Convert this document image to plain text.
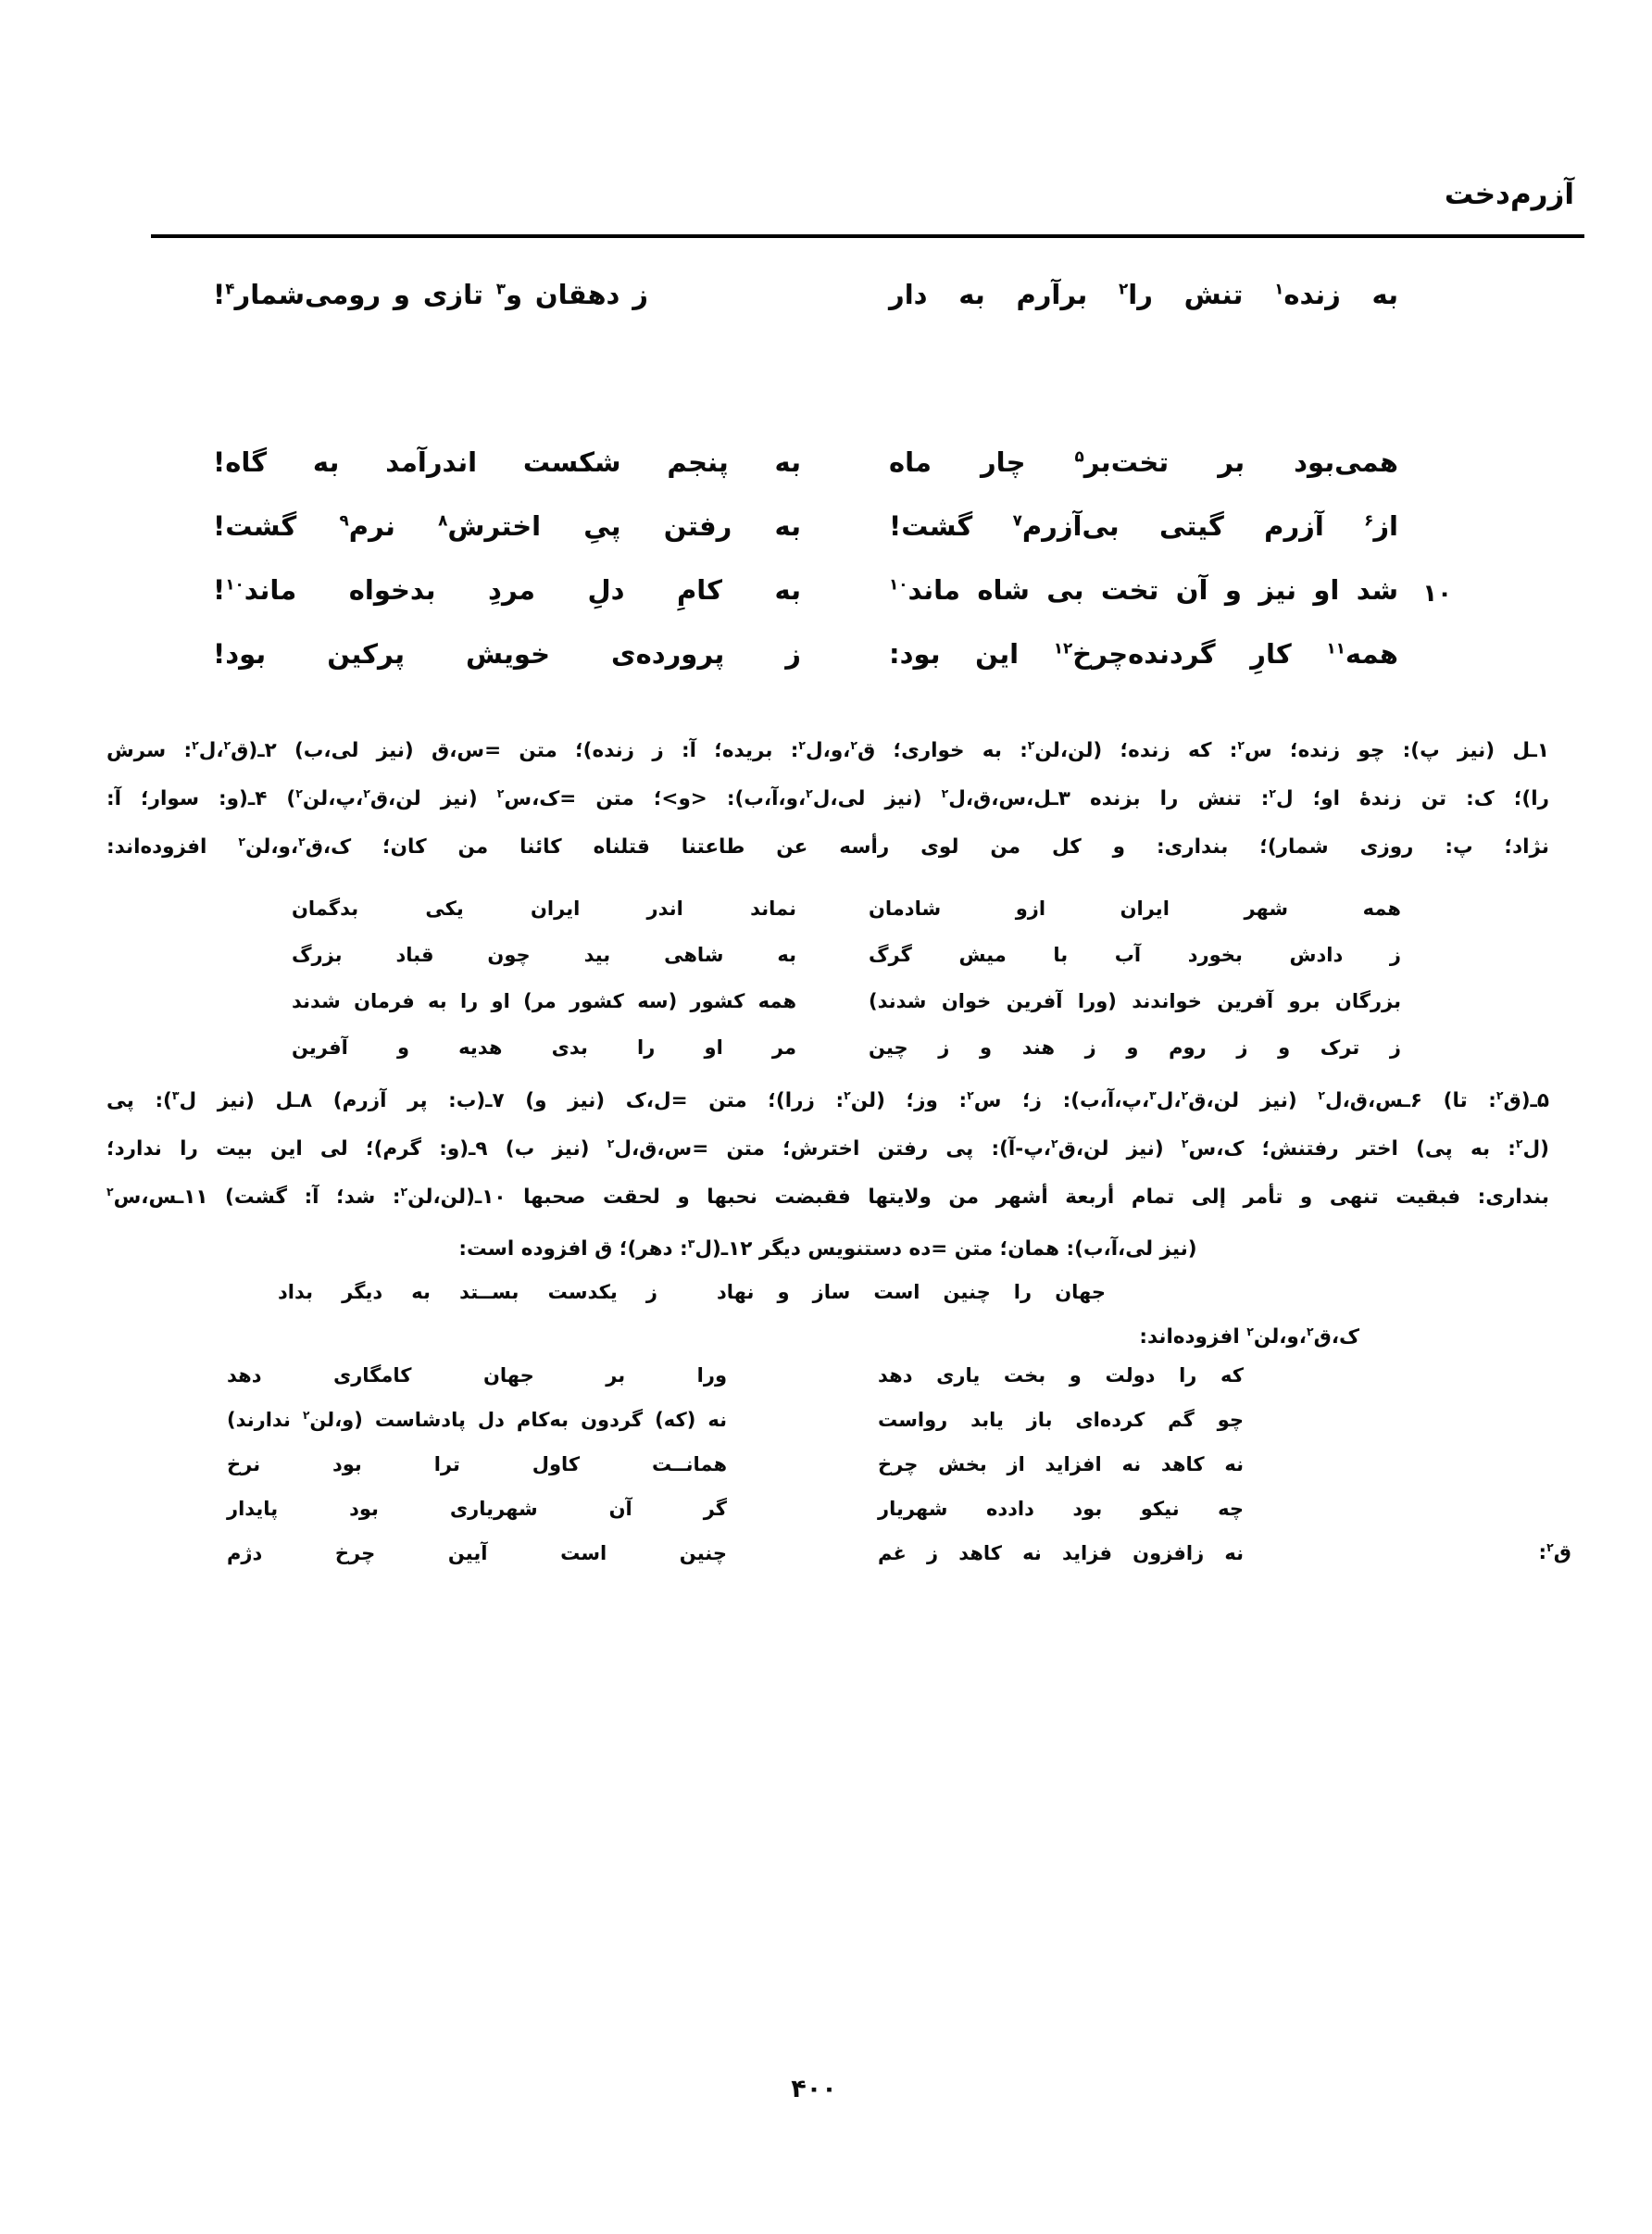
آزرم‌دخت
به زنده$^۱$ تنش را$^۲$ برآرم به دار
ز دهقان و$^۳$ تازی و رومی‌شمار$^۴$!
همی‌بود بر تخت‌بر$^۵$ چار ماه
به پنجم شکست اندرآمد به گاه!
از$^۶$ آزرم گیتی بی‌آزرم$^۷$ گشت!
به رفتن پیِ اخترش$^۸$ نرم$^۹$ گشت!
۱۰
شد او نیز و آن تخت بی شاه ماند$^{۱۰}$
به کامِ دلِ مردِ بدخواه ماند$^{۱۰}$!
همه$^{۱۱}$ کارِ گردنده‌چرخ$^{۱۲}$ این بود:
ز پرورده‌ی خویش پرکین بود!
۱ـل (نیز پ): چو زنده؛ س$^۲$: که زنده؛ (لن،لن$^۲$: به خواری؛ ق$^۲$،و،ل$^۲$: بریده؛ آ: ز زنده)؛ متن =س،ق (نیز لی،ب) ۲ـ(ق$^۲$،ل$^۲$: سرش
را)؛ ک: تن زندۀ او؛ ل$^۲$: تنش را بزنده ۳ـل،س،ق،ل$^۲$ (نیز لی،ل$^۲$،و،آ،ب): <و>؛ متن =ک،س$^۲$ (نیز لن،ق$^۲$،پ،لن$^۲$) ۴ـ(و: سوار؛ آ:
نژاد؛ پ: روزی شمار)؛ بنداری: و کل من لوی رأسه عن طاعتنا قتلناه کائنا من کان؛ ک،ق$^۲$،و،لن$^۲$ افزوده‌اند:
همه شهر ایران ازو شادمان
نماند اندر ایران یکی بدگمان
ز دادش بخورد آب با میش گرگ
به شاهی بید چون قباد بزرگ
بزرگان برو آفرین خواندند (ورا آفرین خوان شدند)
همه کشور (سه کشور مر) او را به فرمان شدند
ز ترک و ز روم و ز هند و ز چین
مر او را بدی هدیه و آفرین
۵ـ(ق$^۲$: تا) ۶ـس،ق،ل$^۲$ (نیز لن،ق$^۲$،ل$^۳$،پ،آ،ب): ز؛ س$^۲$: وز؛ (لن$^۲$: زرا)؛ متن =ل،ک (نیز و) ۷ـ(ب: پر آزرم) ۸ـل (نیز ل$^۳$): پی
(ل$^۲$: به پی) اختر رفتنش؛ ک،س$^۲$ (نیز لن،ق$^۲$،پ-آ): پی رفتن اخترش؛ متن =س،ق،ل$^۲$ (نیز ب) ۹ـ(و: گرم)؛ لی این بیت را ندارد؛
بنداری: فبقیت تنهی و تأمر إلی تمام أربعة أشهر من ولایتها فقبضت نحبها و لحقت صحبها ۱۰ـ(لن،لن$^۲$: شد؛ آ: گشت) ۱۱ـس،س$^۲$
(نیز لی،آ،ب): همان؛ متن =ده دستنویس دیگر ۱۲ـ(ل$^۳$: دهر)؛ ق افزوده است:
جهان را چنین است ساز و نهاد
ز یکدست بســتد به دیگر بداد
ک،ق$^۲$،و،لن$^۲$ افزوده‌اند:
که را دولت و بخت یاری دهد
ورا بر جهان کامگاری دهد
چو گم کرده‌ای باز یابد رواست
نه (که) گردون به‌کام دل پادشاست (و،لن$^۲$ ندارند)
نه کاهد نه افزاید از بخش چرخ
همانــت کاول ترا بود نرخ
چه نیکو بود دادده شهریار
گر آن شهریاری بود پایدار
ق$^۲$:
نه زافزون فزاید نه کاهد ز غم
چنین است آیین چرخ دژم
۴۰۰
